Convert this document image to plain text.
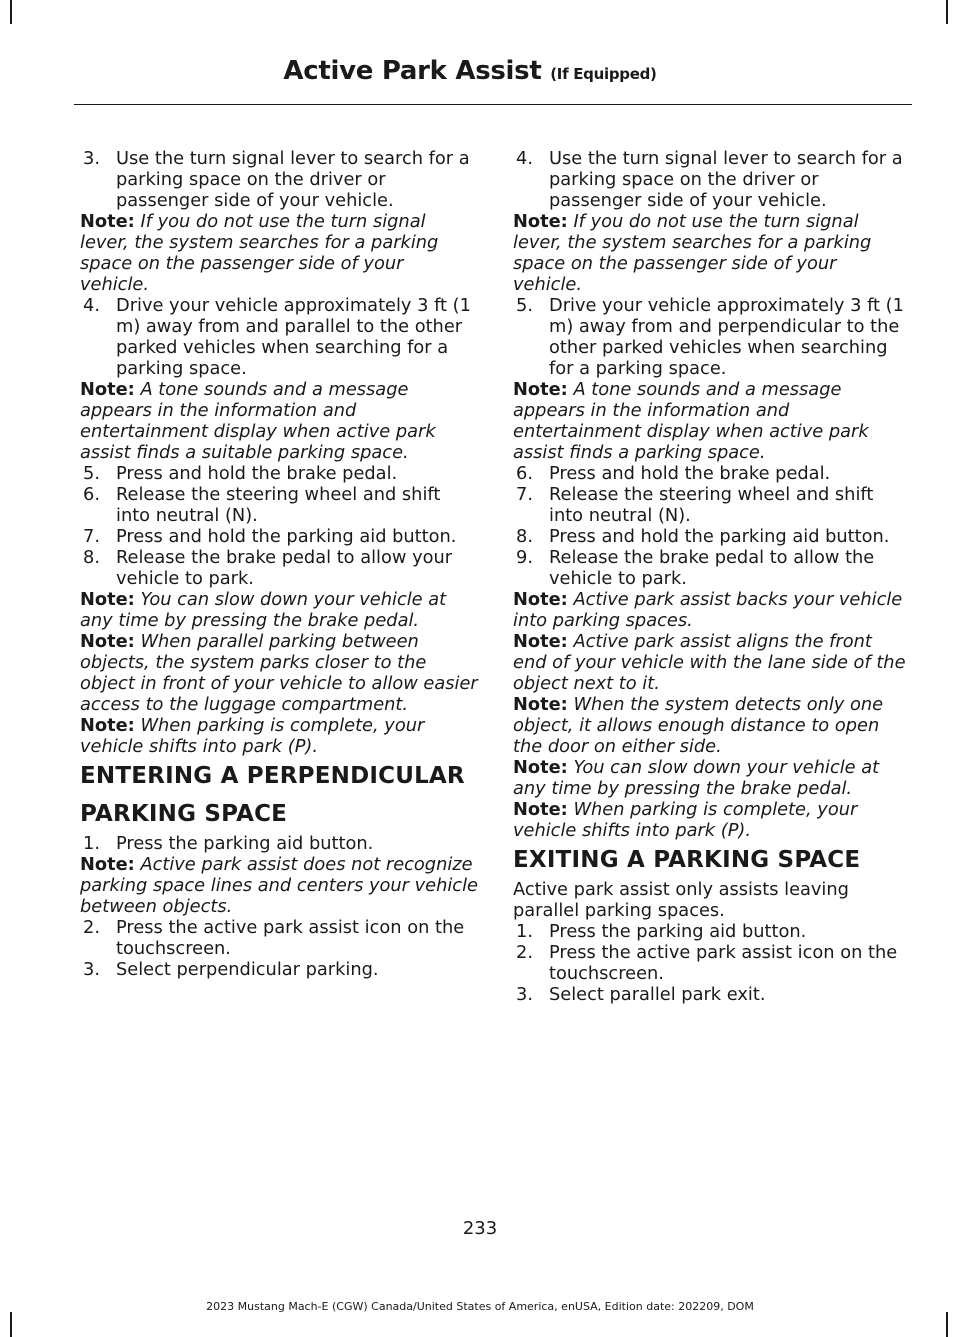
Active Park Assist (If Equipped)

3. Use the turn signal lever to search for a parking space on the driver or passenger side of your vehicle.

Note: If you do not use the turn signal lever, the system searches for a parking space on the passenger side of your vehicle.

4. Drive your vehicle approximately 3 ft (1 m) away from and parallel to the other parked vehicles when searching for a parking space.

Note: A tone sounds and a message appears in the information and entertainment display when active park assist finds a suitable parking space.

5. Press and hold the brake pedal.

6. Release the steering wheel and shift into neutral (N).

7. Press and hold the parking aid button.

8. Release the brake pedal to allow your vehicle to park.

Note: You can slow down your vehicle at any time by pressing the brake pedal.

Note: When parallel parking between objects, the system parks closer to the object in front of your vehicle to allow easier access to the luggage compartment.

Note: When parking is complete, your vehicle shifts into park (P).

ENTERING A PERPENDICULAR PARKING SPACE

1. Press the parking aid button.

Note: Active park assist does not recognize parking space lines and centers your vehicle between objects.

2. Press the active park assist icon on the touchscreen.

3. Select perpendicular parking.

4. Use the turn signal lever to search for a parking space on the driver or passenger side of your vehicle.

Note: If you do not use the turn signal lever, the system searches for a parking space on the passenger side of your vehicle.

5. Drive your vehicle approximately 3 ft (1 m) away from and perpendicular to the other parked vehicles when searching for a parking space.

Note: A tone sounds and a message appears in the information and entertainment display when active park assist finds a parking space.

6. Press and hold the brake pedal.

7. Release the steering wheel and shift into neutral (N).

8. Press and hold the parking aid button.

9. Release the brake pedal to allow the vehicle to park.

Note: Active park assist backs your vehicle into parking spaces.

Note: Active park assist aligns the front end of your vehicle with the lane side of the object next to it.

Note: When the system detects only one object, it allows enough distance to open the door on either side.

Note: You can slow down your vehicle at any time by pressing the brake pedal.

Note: When parking is complete, your vehicle shifts into park (P).

EXITING A PARKING SPACE

Active park assist only assists leaving parallel parking spaces.

1. Press the parking aid button.

2. Press the active park assist icon on the touchscreen.

3. Select parallel park exit.

233
2023 Mustang Mach-E (CGW) Canada/United States of America, enUSA, Edition date: 202209, DOM
